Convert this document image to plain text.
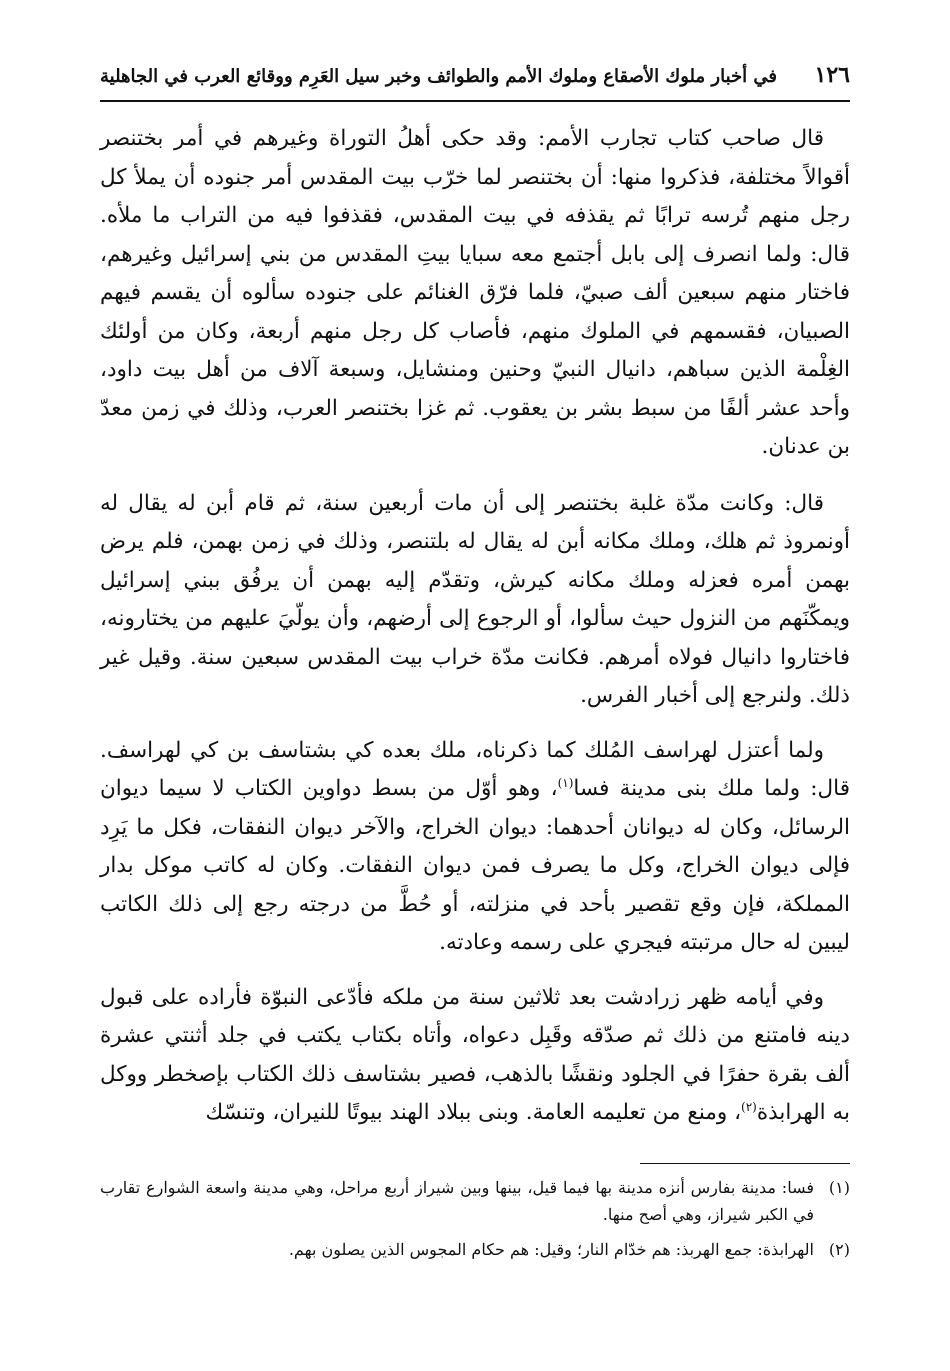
١٢٦
في أخبار ملوك الأصقاع وملوك الأمم والطوائف وخبر سيل العَرِم ووقائع العرب في الجاهلية

قال صاحب كتاب تجارب الأمم: وقد حكى أهلُ التوراة وغيرهم في أمر بختنصر أقوالاً مختلفة، فذكروا منها: أن بختنصر لما خرّب بيت المقدس أمر جنوده أن يملأ كل رجل منهم تُرسه ترابًا ثم يقذفه في بيت المقدس، فقذفوا فيه من التراب ما ملأه. قال: ولما انصرف إلى بابل أجتمع معه سبايا بيتِ المقدس من بني إسرائيل وغيرهم، فاختار منهم سبعين ألف صبيّ، فلما فرّق الغنائم على جنوده سألوه أن يقسم فيهم الصبيان، فقسمهم في الملوك منهم، فأصاب كل رجل منهم أربعة، وكان من أولئك الغِلْمة الذين سباهم، دانيال النبيّ وحنين ومنشايل، وسبعة آلاف من أهل بيت داود، وأحد عشر ألفًا من سبط بشر بن يعقوب. ثم غزا بختنصر العرب، وذلك في زمن معدّ بن عدنان.

قال: وكانت مدّة غلبة بختنصر إلى أن مات أربعين سنة، ثم قام أبن له يقال له أونمروذ ثم هلك، وملك مكانه أبن له يقال له بلتنصر، وذلك في زمن بهمن، فلم يرض بهمن أمره فعزله وملك مكانه كيرش، وتقدّم إليه بهمن أن يرفُق ببني إسرائيل ويمكّنَهم من النزول حيث سألوا، أو الرجوع إلى أرضهم، وأن يولّيَ عليهم من يختارونه، فاختاروا دانيال فولاه أمرهم. فكانت مدّة خراب بيت المقدس سبعين سنة. وقيل غير ذلك. ولنرجع إلى أخبار الفرس.

ولما أعتزل لهراسف المُلك كما ذكرناه، ملك بعده كي بشتاسف بن كي لهراسف. قال: ولما ملك بنى مدينة فسا$^{(١)}$، وهو أوّل من بسط دواوين الكتاب لا سيما ديوان الرسائل، وكان له ديوانان أحدهما: ديوان الخراج، والآخر ديوان النفقات، فكل ما يَرِد فإلى ديوان الخراج، وكل ما يصرف فمن ديوان النفقات. وكان له كاتب موكل بدار المملكة، فإن وقع تقصير بأحد في منزلته، أو حُطَّ من درجته رجع إلى ذلك الكاتب ليبين له حال مرتبته فيجري على رسمه وعادته.

وفي أيامه ظهر زرادشت بعد ثلاثين سنة من ملكه فأدّعى النبوّة فأراده على قبول دينه فامتنع من ذلك ثم صدّقه وقَبِل دعواه، وأتاه بكتاب يكتب في جلد أثنتي عشرة ألف بقرة حفرًا في الجلود ونقشًا بالذهب، فصير بشتاسف ذلك الكتاب بإصخطر ووكل به الهرابذة$^{(٢)}$، ومنع من تعليمه العامة. وبنى ببلاد الهند بيوتًا للنيران، وتنسّك

(١)
فسا: مدينة بفارس أنزه مدينة بها فيما قيل، بينها وبين شيراز أربع مراحل، وهي مدينة واسعة الشوارع تقارب في الكبر شيراز، وهي أصح منها.
(٢)
الهرابذة: جمع الهربذ: هم خدّام النار؛ وقيل: هم حكام المجوس الذين يصلون بهم.
